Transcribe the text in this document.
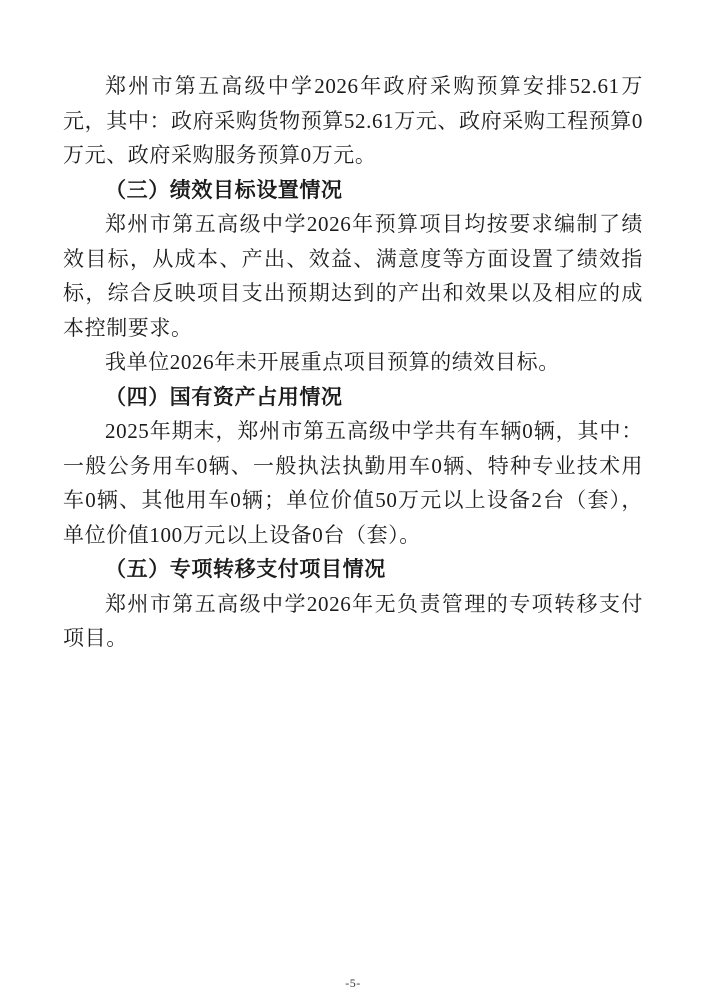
郑州市第五高级中学2026年政府采购预算安排52.61万元，其中：政府采购货物预算52.61万元、政府采购工程预算0万元、政府采购服务预算0万元。

（三）绩效目标设置情况

郑州市第五高级中学2026年预算项目均按要求编制了绩效目标，从成本、产出、效益、满意度等方面设置了绩效指标，综合反映项目支出预期达到的产出和效果以及相应的成本控制要求。

我单位2026年未开展重点项目预算的绩效目标。

（四）国有资产占用情况

2025年期末，郑州市第五高级中学共有车辆0辆，其中：一般公务用车0辆、一般执法执勤用车0辆、特种专业技术用车0辆、其他用车0辆；单位价值50万元以上设备2台（套），单位价值100万元以上设备0台（套）。

（五）专项转移支付项目情况

郑州市第五高级中学2026年无负责管理的专项转移支付项目。

-5-
